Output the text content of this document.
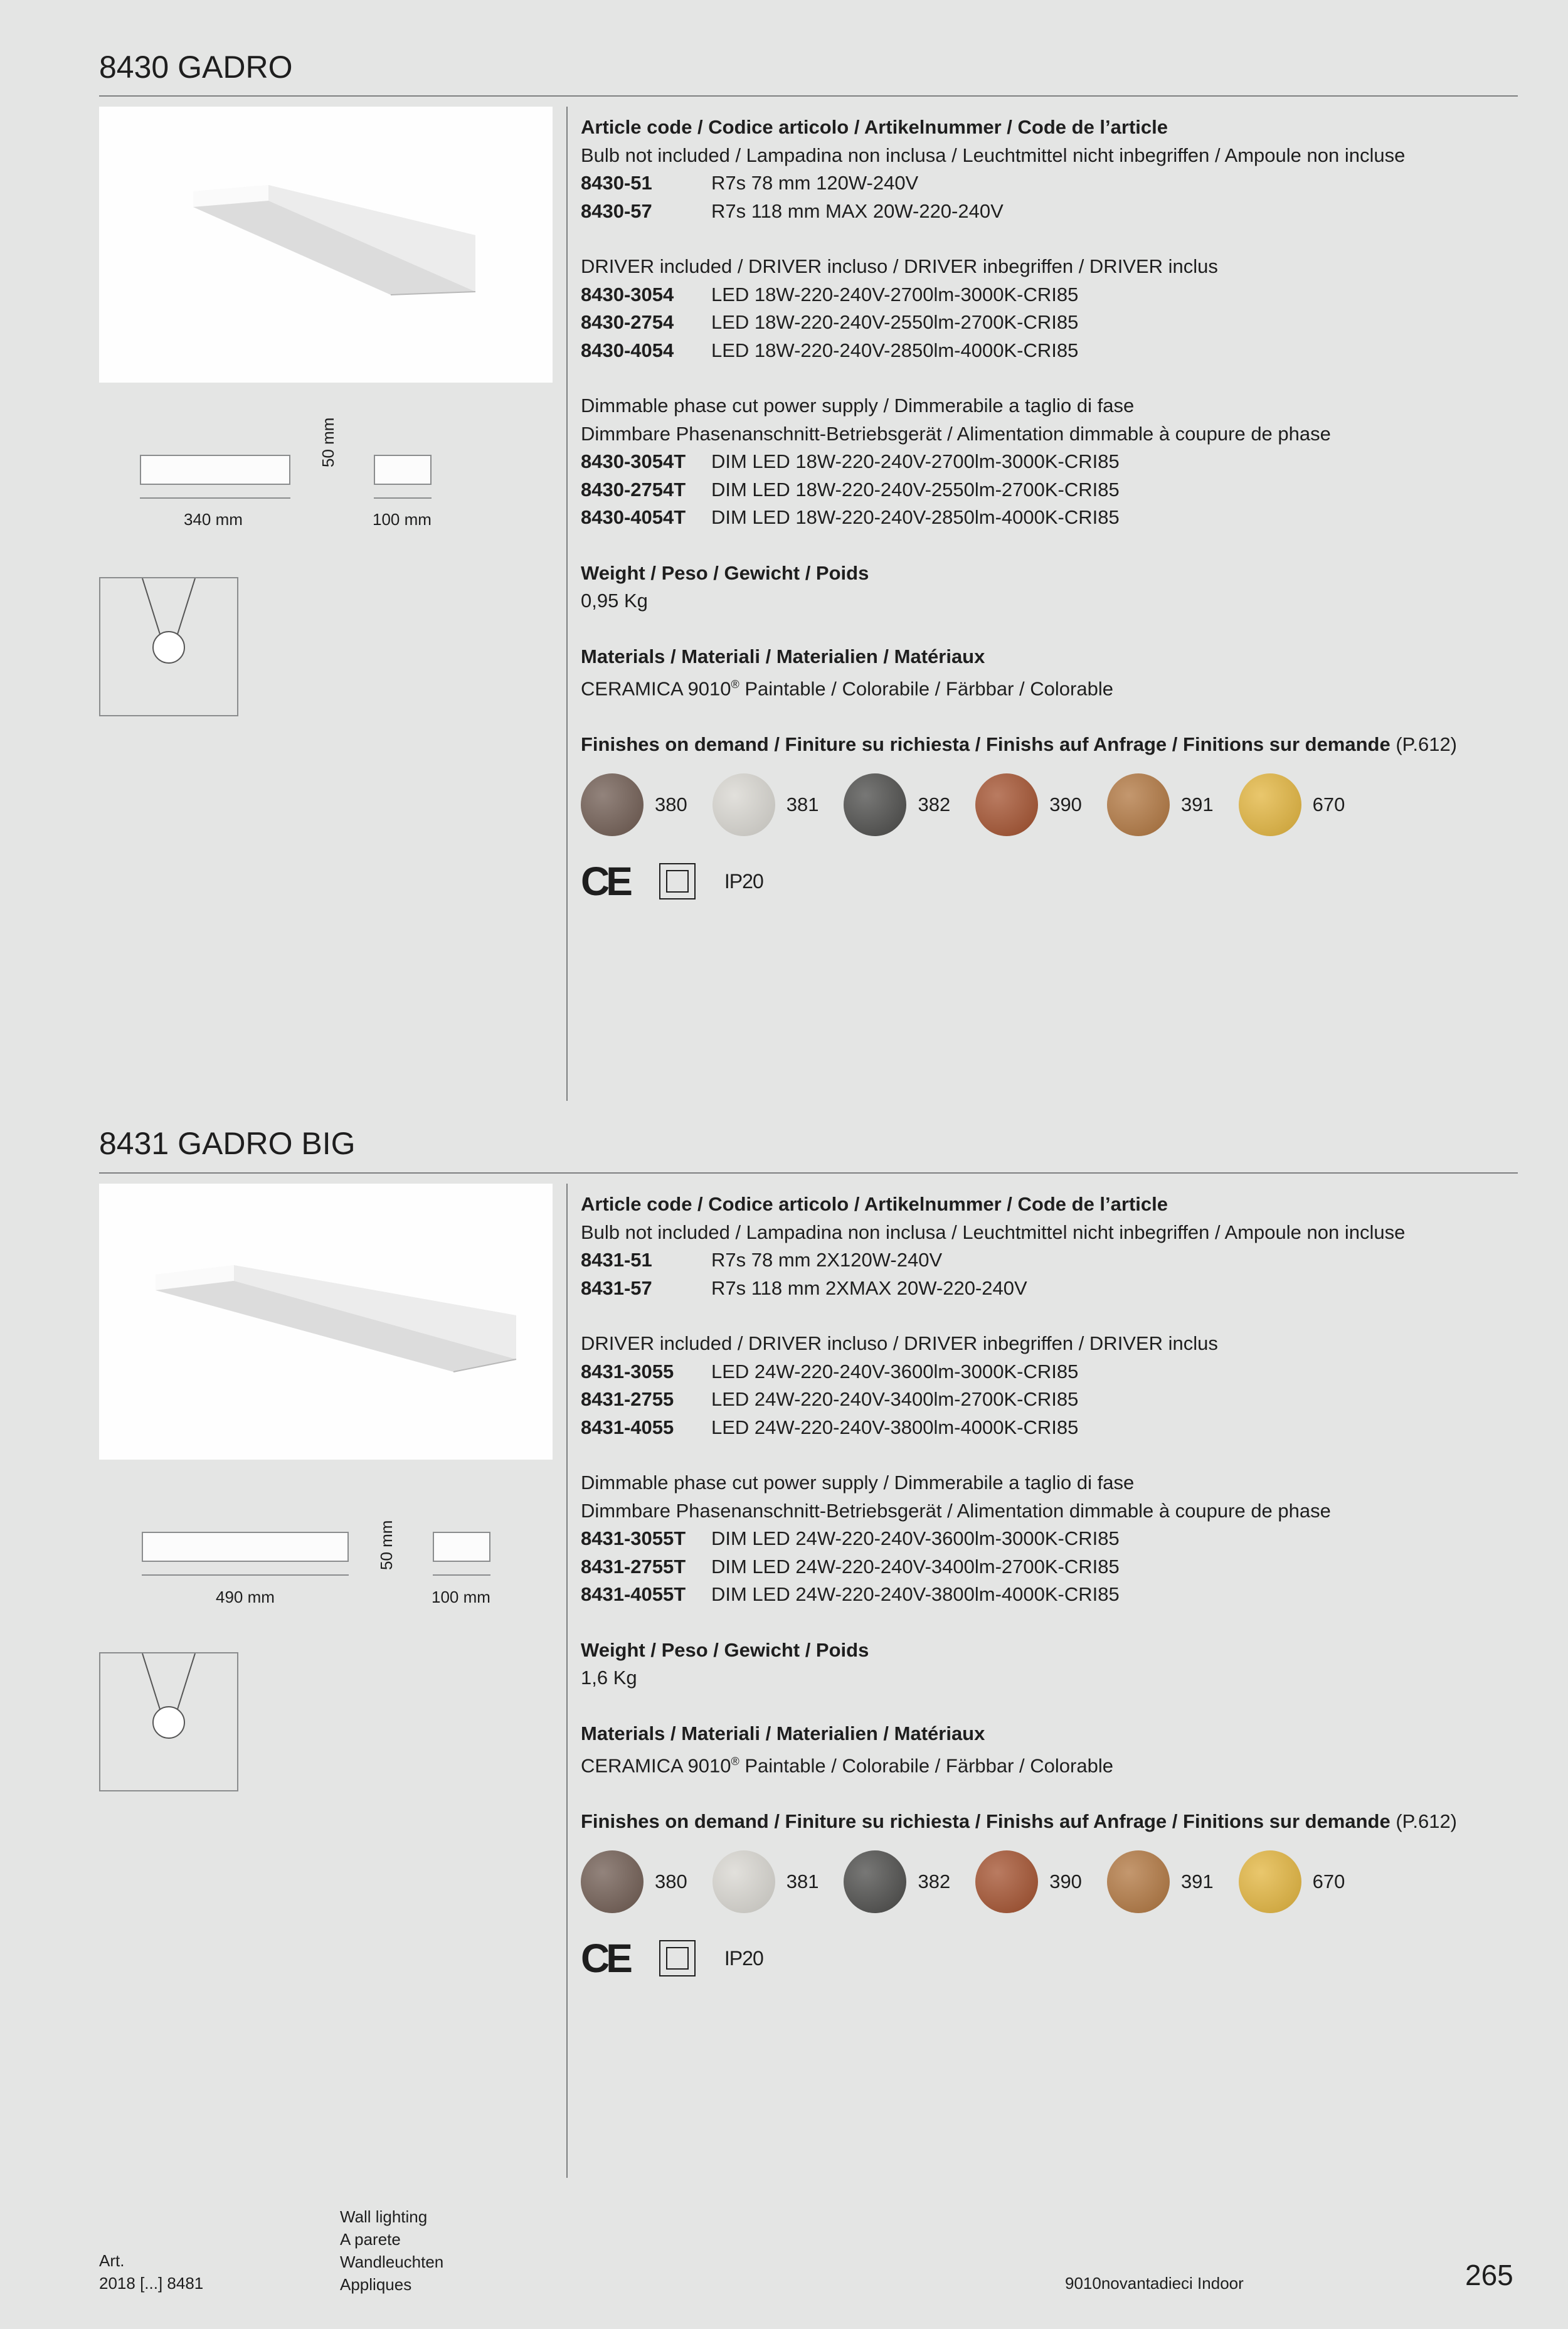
8430 GADRO
340 mm
50 mm
100 mm

Article code / Codice articolo / Artikelnummer / Code de l’article

Bulb not included / Lampadina non inclusa / Leuchtmittel nicht inbegriffen / Ampoule non incluse

8430-51	R7s 78 mm 120W-240V

8430-57	R7s 118 mm MAX 20W-220-240V

DRIVER included / DRIVER incluso / DRIVER inbegriffen / DRIVER inclus

8430-3054 LED 18W-220-240V-2700lm-3000K-CRI85

8430-2754 LED 18W-220-240V-2550lm-2700K-CRI85

8430-4054 LED 18W-220-240V-2850lm-4000K-CRI85

Dimmable phase cut power supply / Dimmerabile a taglio di fase

Dimmbare Phasenanschnitt-Betriebsgerät / Alimentation dimmable à coupure de phase

8430-3054T DIM LED 18W-220-240V-2700lm-3000K-CRI85

8430-2754T DIM LED 18W-220-240V-2550lm-2700K-CRI85

8430-4054T DIM LED 18W-220-240V-2850lm-4000K-CRI85

Weight / Peso / Gewicht / Poids

0,95 Kg

Materials / Materiali / Materialien / Matériaux

CERAMICA 9010® Paintable / Colorabile / Färbbar / Colorable

Finishes on demand / Finiture su richiesta / Finishs auf Anfrage / Finitions sur demande (P.612)

380	381	382	390	391	670
CE	IP20
8431 GADRO BIG
490 mm
50 mm
100 mm

Article code / Codice articolo / Artikelnummer / Code de l’article

Bulb not included / Lampadina non inclusa / Leuchtmittel nicht inbegriffen / Ampoule non incluse

8431-51	R7s 78 mm 2X120W-240V

8431-57	R7s 118 mm 2XMAX 20W-220-240V

DRIVER included / DRIVER incluso / DRIVER inbegriffen / DRIVER inclus

8431-3055 LED 24W-220-240V-3600lm-3000K-CRI85

8431-2755 LED 24W-220-240V-3400lm-2700K-CRI85

8431-4055 LED 24W-220-240V-3800lm-4000K-CRI85

Dimmable phase cut power supply / Dimmerabile a taglio di fase

Dimmbare Phasenanschnitt-Betriebsgerät / Alimentation dimmable à coupure de phase

8431-3055T DIM LED 24W-220-240V-3600lm-3000K-CRI85

8431-2755T DIM LED 24W-220-240V-3400lm-2700K-CRI85

8431-4055T DIM LED 24W-220-240V-3800lm-4000K-CRI85

Weight / Peso / Gewicht / Poids

1,6 Kg

Materials / Materiali / Materialien / Matériaux

CERAMICA 9010® Paintable / Colorabile / Färbbar / Colorable

Finishes on demand / Finiture su richiesta / Finishs auf Anfrage / Finitions sur demande (P.612)

380	381	382	390	391	670
CE	IP20
Art.
2018 [...] 8481
Wall lighting
A parete
Wandleuchten
Appliques	9010novantadieci Indoor	265
